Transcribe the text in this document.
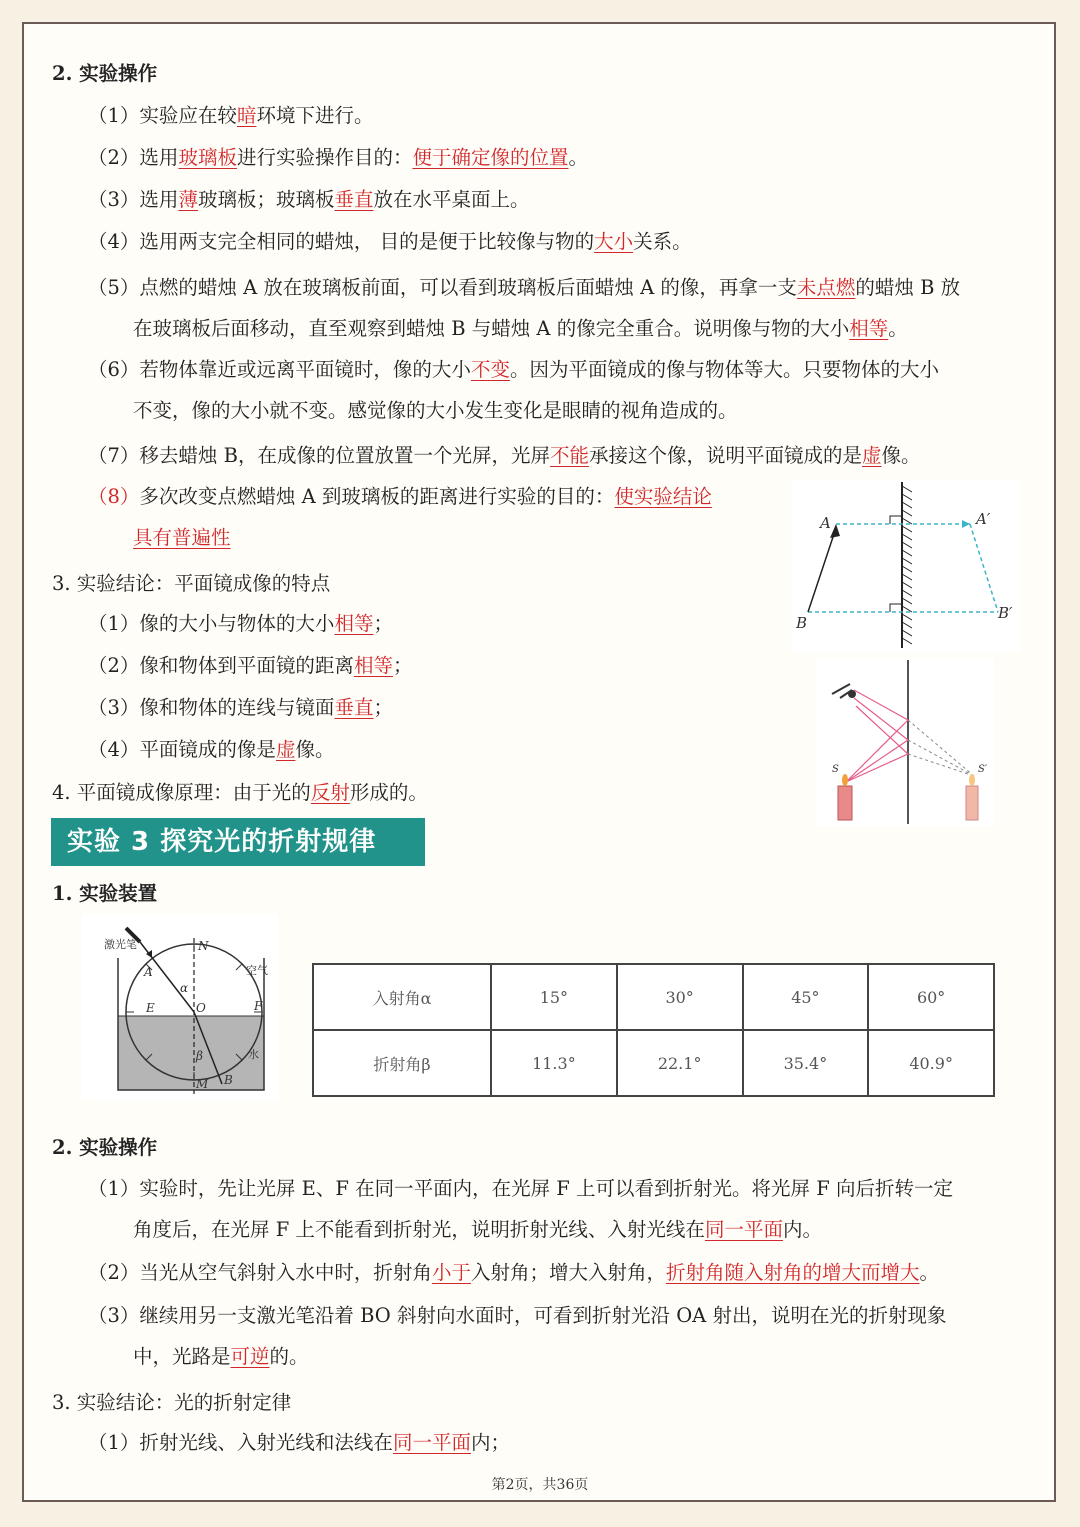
2. 实验操作
（1）实验应在较暗环境下进行。
（2）选用玻璃板进行实验操作目的：便于确定像的位置。
（3）选用薄玻璃板；玻璃板垂直放在水平桌面上。
（4）选用两支完全相同的蜡烛， 目的是便于比较像与物的大小关系。
（5）点燃的蜡烛 A 放在玻璃板前面，可以看到玻璃板后面蜡烛 A 的像，再拿一支未点燃的蜡烛 B 放
在玻璃板后面移动，直至观察到蜡烛 B 与蜡烛 A 的像完全重合。说明像与物的大小相等。
（6）若物体靠近或远离平面镜时，像的大小不变。因为平面镜成的像与物体等大。只要物体的大小
不变，像的大小就不变。感觉像的大小发生变化是眼睛的视角造成的。
（7）移去蜡烛 B，在成像的位置放置一个光屏，光屏不能承接这个像，说明平面镜成的是虚像。
（8）多次改变点燃蜡烛 A 到玻璃板的距离进行实验的目的：使实验结论
具有普遍性
3. 实验结论：平面镜成像的特点
（1）像的大小与物体的大小相等；
（2）像和物体到平面镜的距离相等；
（3）像和物体的连线与镜面垂直；
（4）平面镜成的像是虚像。
4. 平面镜成像原理：由于光的反射形成的。
A	A′
B
B′
S	S′
实验 3 探究光的折射规律
1. 实验装置
激光笔	N
A
α
E	O	F
空气
水
β
M B
入射角α	15°	30°	45°	60°
折射角β	11.3°	22.1°	35.4°	40.9°
2. 实验操作
（1）实验时，先让光屏 E、F 在同一平面内，在光屏 F 上可以看到折射光。将光屏 F 向后折转一定
角度后，在光屏 F 上不能看到折射光，说明折射光线、入射光线在同一平面内。
（2）当光从空气斜射入水中时，折射角小于入射角；增大入射角，折射角随入射角的增大而增大。
（3）继续用另一支激光笔沿着 BO 斜射向水面时，可看到折射光沿 OA 射出，说明在光的折射现象
中，光路是可逆的。
3. 实验结论：光的折射定律
（1）折射光线、入射光线和法线在同一平面内；
第2页，共36页
